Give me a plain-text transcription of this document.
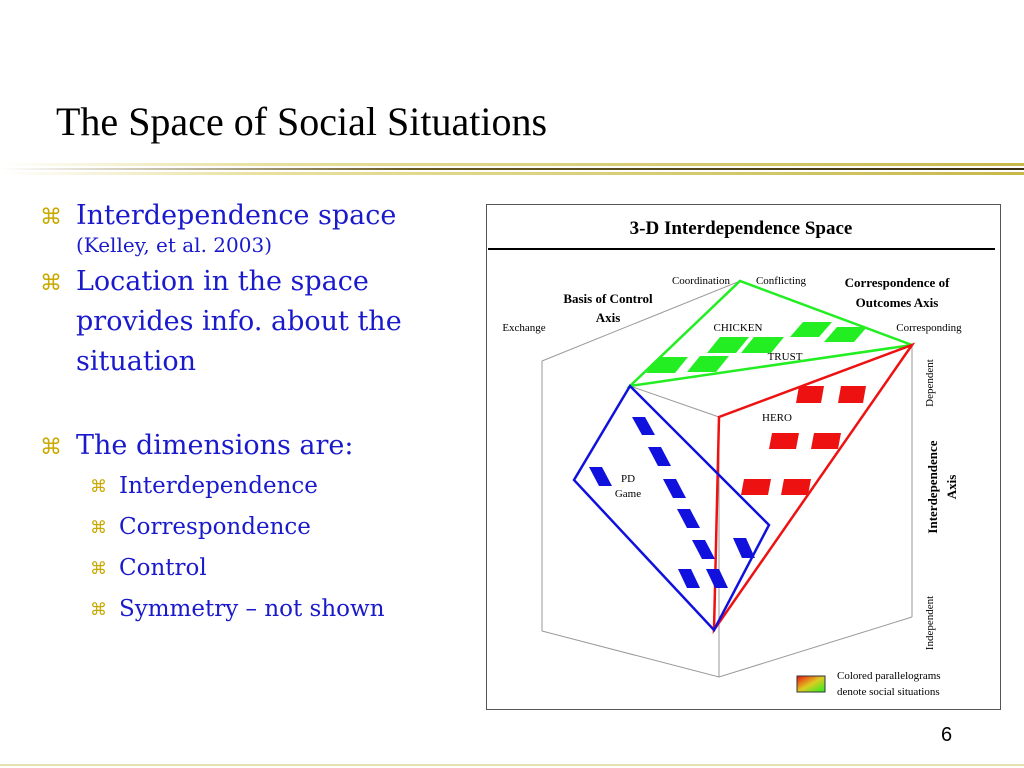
The Space of Social Situations
⌘ Interdependence space
(Kelley, et al. 2003)
⌘ Location in the space provides info. about the situation
⌘ The dimensions are:
⌘ Interdependence
⌘ Correspondence
⌘ Control
⌘ Symmetry – not shown
3-D Interdependence Space
Coordination Conflicting
Exchange	CHICKEN	Corresponding
TRUST
HERO
PD
Game
Correspondence of
Outcomes Axis
Basis of Control
Axis
Dependent
Independent
Interdependence Axis
Colored parallelograms
denote social situations
6
